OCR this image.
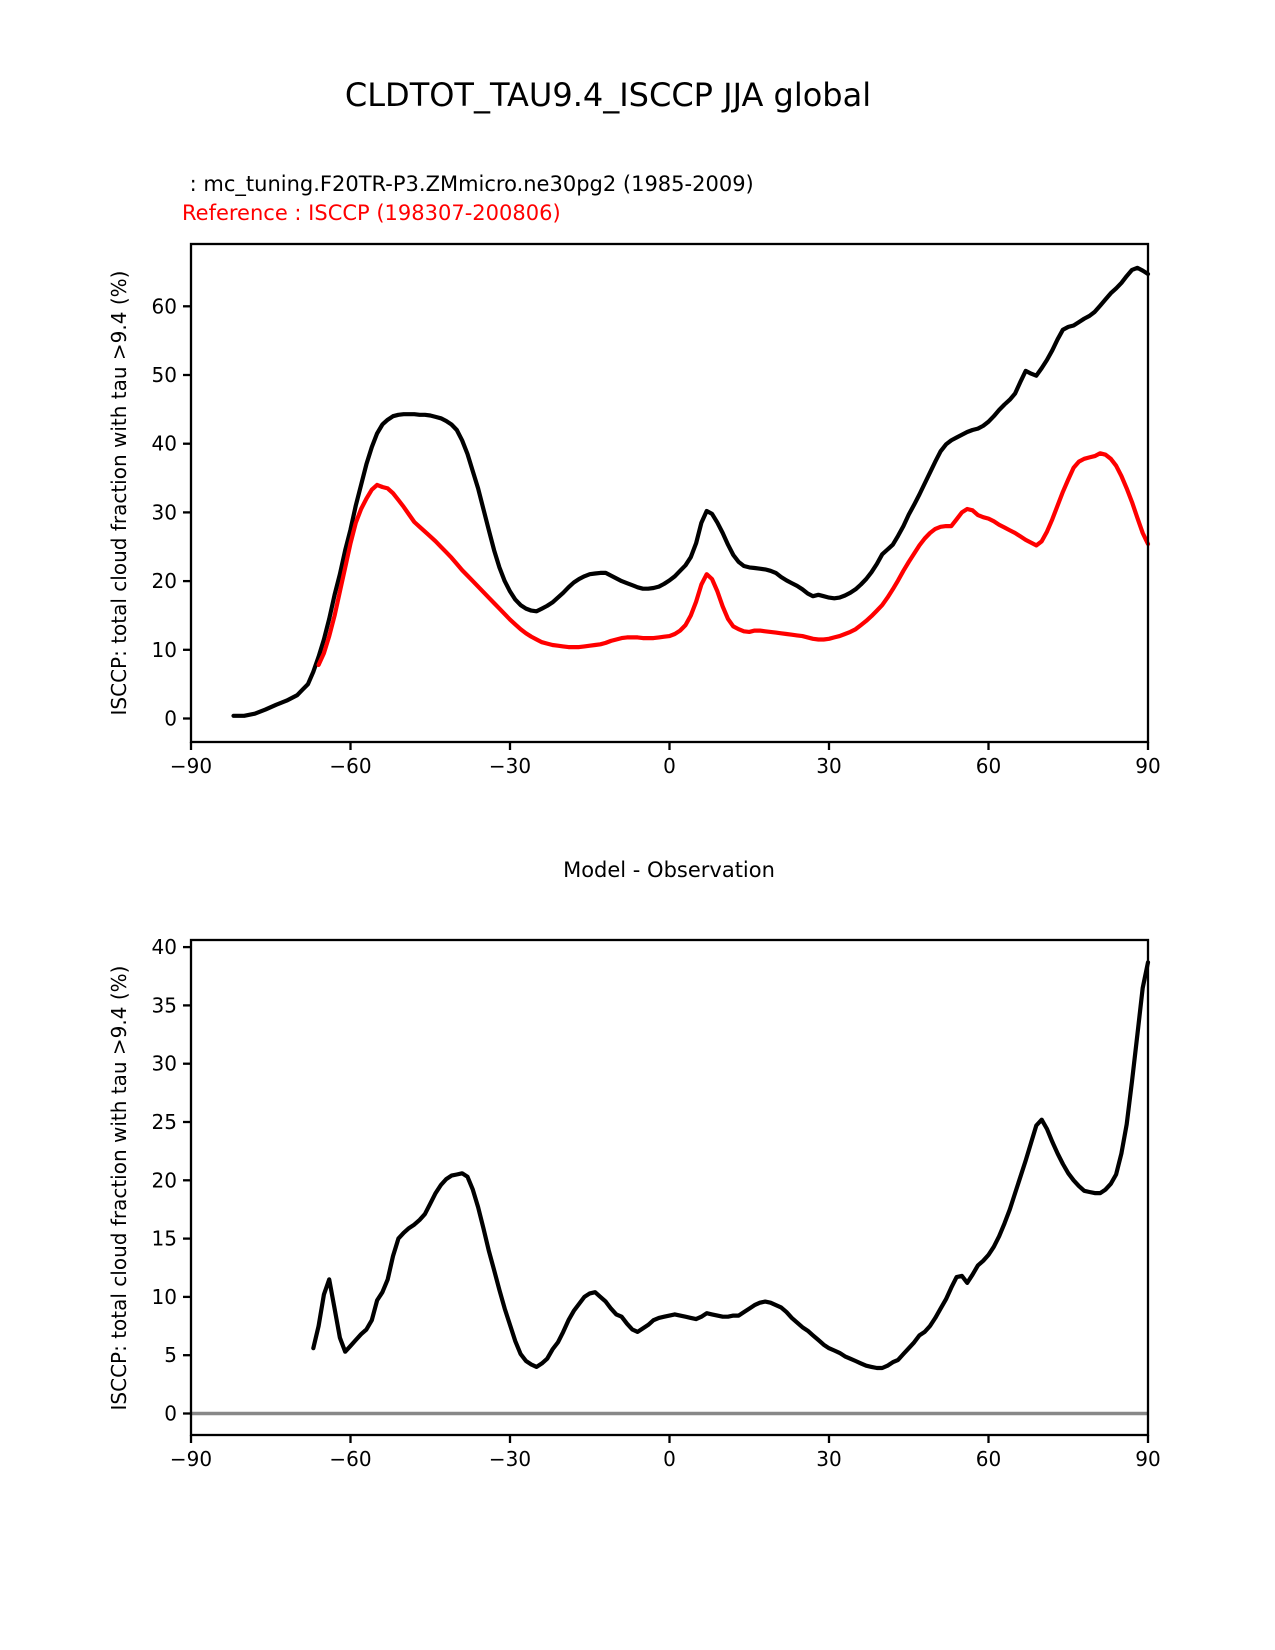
CLDTOT_TAU9.4_ISCCP JJA global
: mc_tuning.F20TR-P3.ZMmicro.ne30pg2 (1985-2009)
Reference : ISCCP (198307-200806)

ISCCP: total cloud fraction with tau >9.4 (%)

ISCCP: total cloud fraction with tau >9.4 (%)

Model - Observation
−90	−60	−30	0	30	60	90
0
10
20
30
40
50
60
−90	−60	−30	0	30	60	90
0
5
10
15
20
25
30
35
40
